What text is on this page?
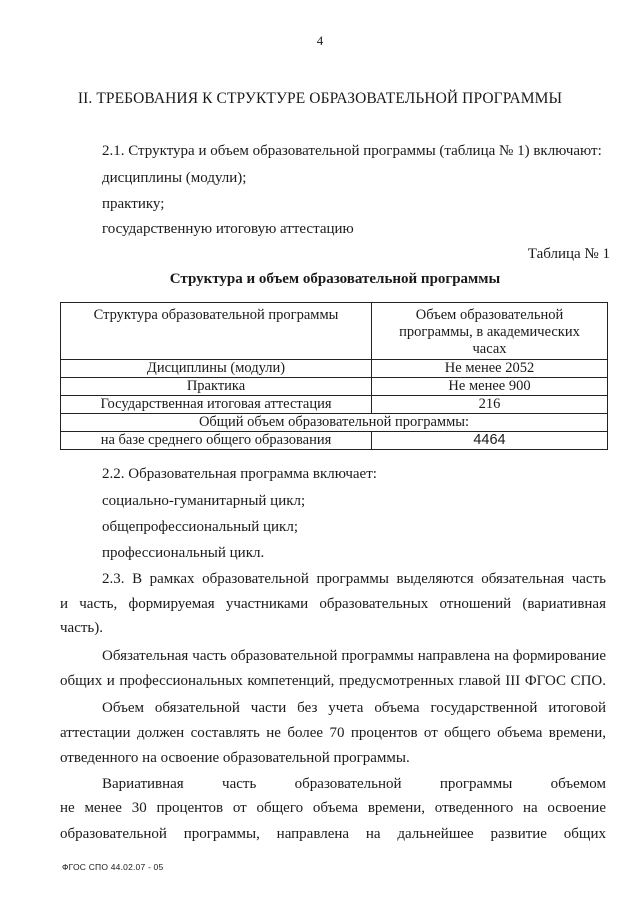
4
II. ТРЕБОВАНИЯ К СТРУКТУРЕ ОБРАЗОВАТЕЛЬНОЙ ПРОГРАММЫ
2.1. Структура и объем образовательной программы (таблица № 1) включают:
дисциплины (модули);
практику;
государственную итоговую аттестацию
Таблица № 1
Структура и объем образовательной программы
Структура образовательной программы	Объем образовательной
программы, в академических
часах

Дисциплины (модули)	Не менее 2052
Практика	Не менее 900
Государственная итоговая аттестация	216
Общий объем образовательной программы:	
на базе среднего общего образования	4464
2.2. Образовательная программа включает:
социально-гуманитарный цикл;
общепрофессиональный цикл;
профессиональный цикл.
2.3. В рамках образовательной программы выделяются обязательная часть
и часть, формируемая участниками образовательных отношений (вариативная
часть).
Обязательная часть образовательной программы направлена на формирование
общих и профессиональных компетенций, предусмотренных главой III ФГОС СПО.
Объем обязательной части без учета объема государственной итоговой
аттестации должен составлять не более 70 процентов от общего объема времени,
отведенного на освоение образовательной программы.
Вариативная часть образовательной программы объемом
не менее 30 процентов от общего объема времени, отведенного на освоение
образовательной программы, направлена на дальнейшее развитие общих
ФГОС СПО 44.02.07 - 05
